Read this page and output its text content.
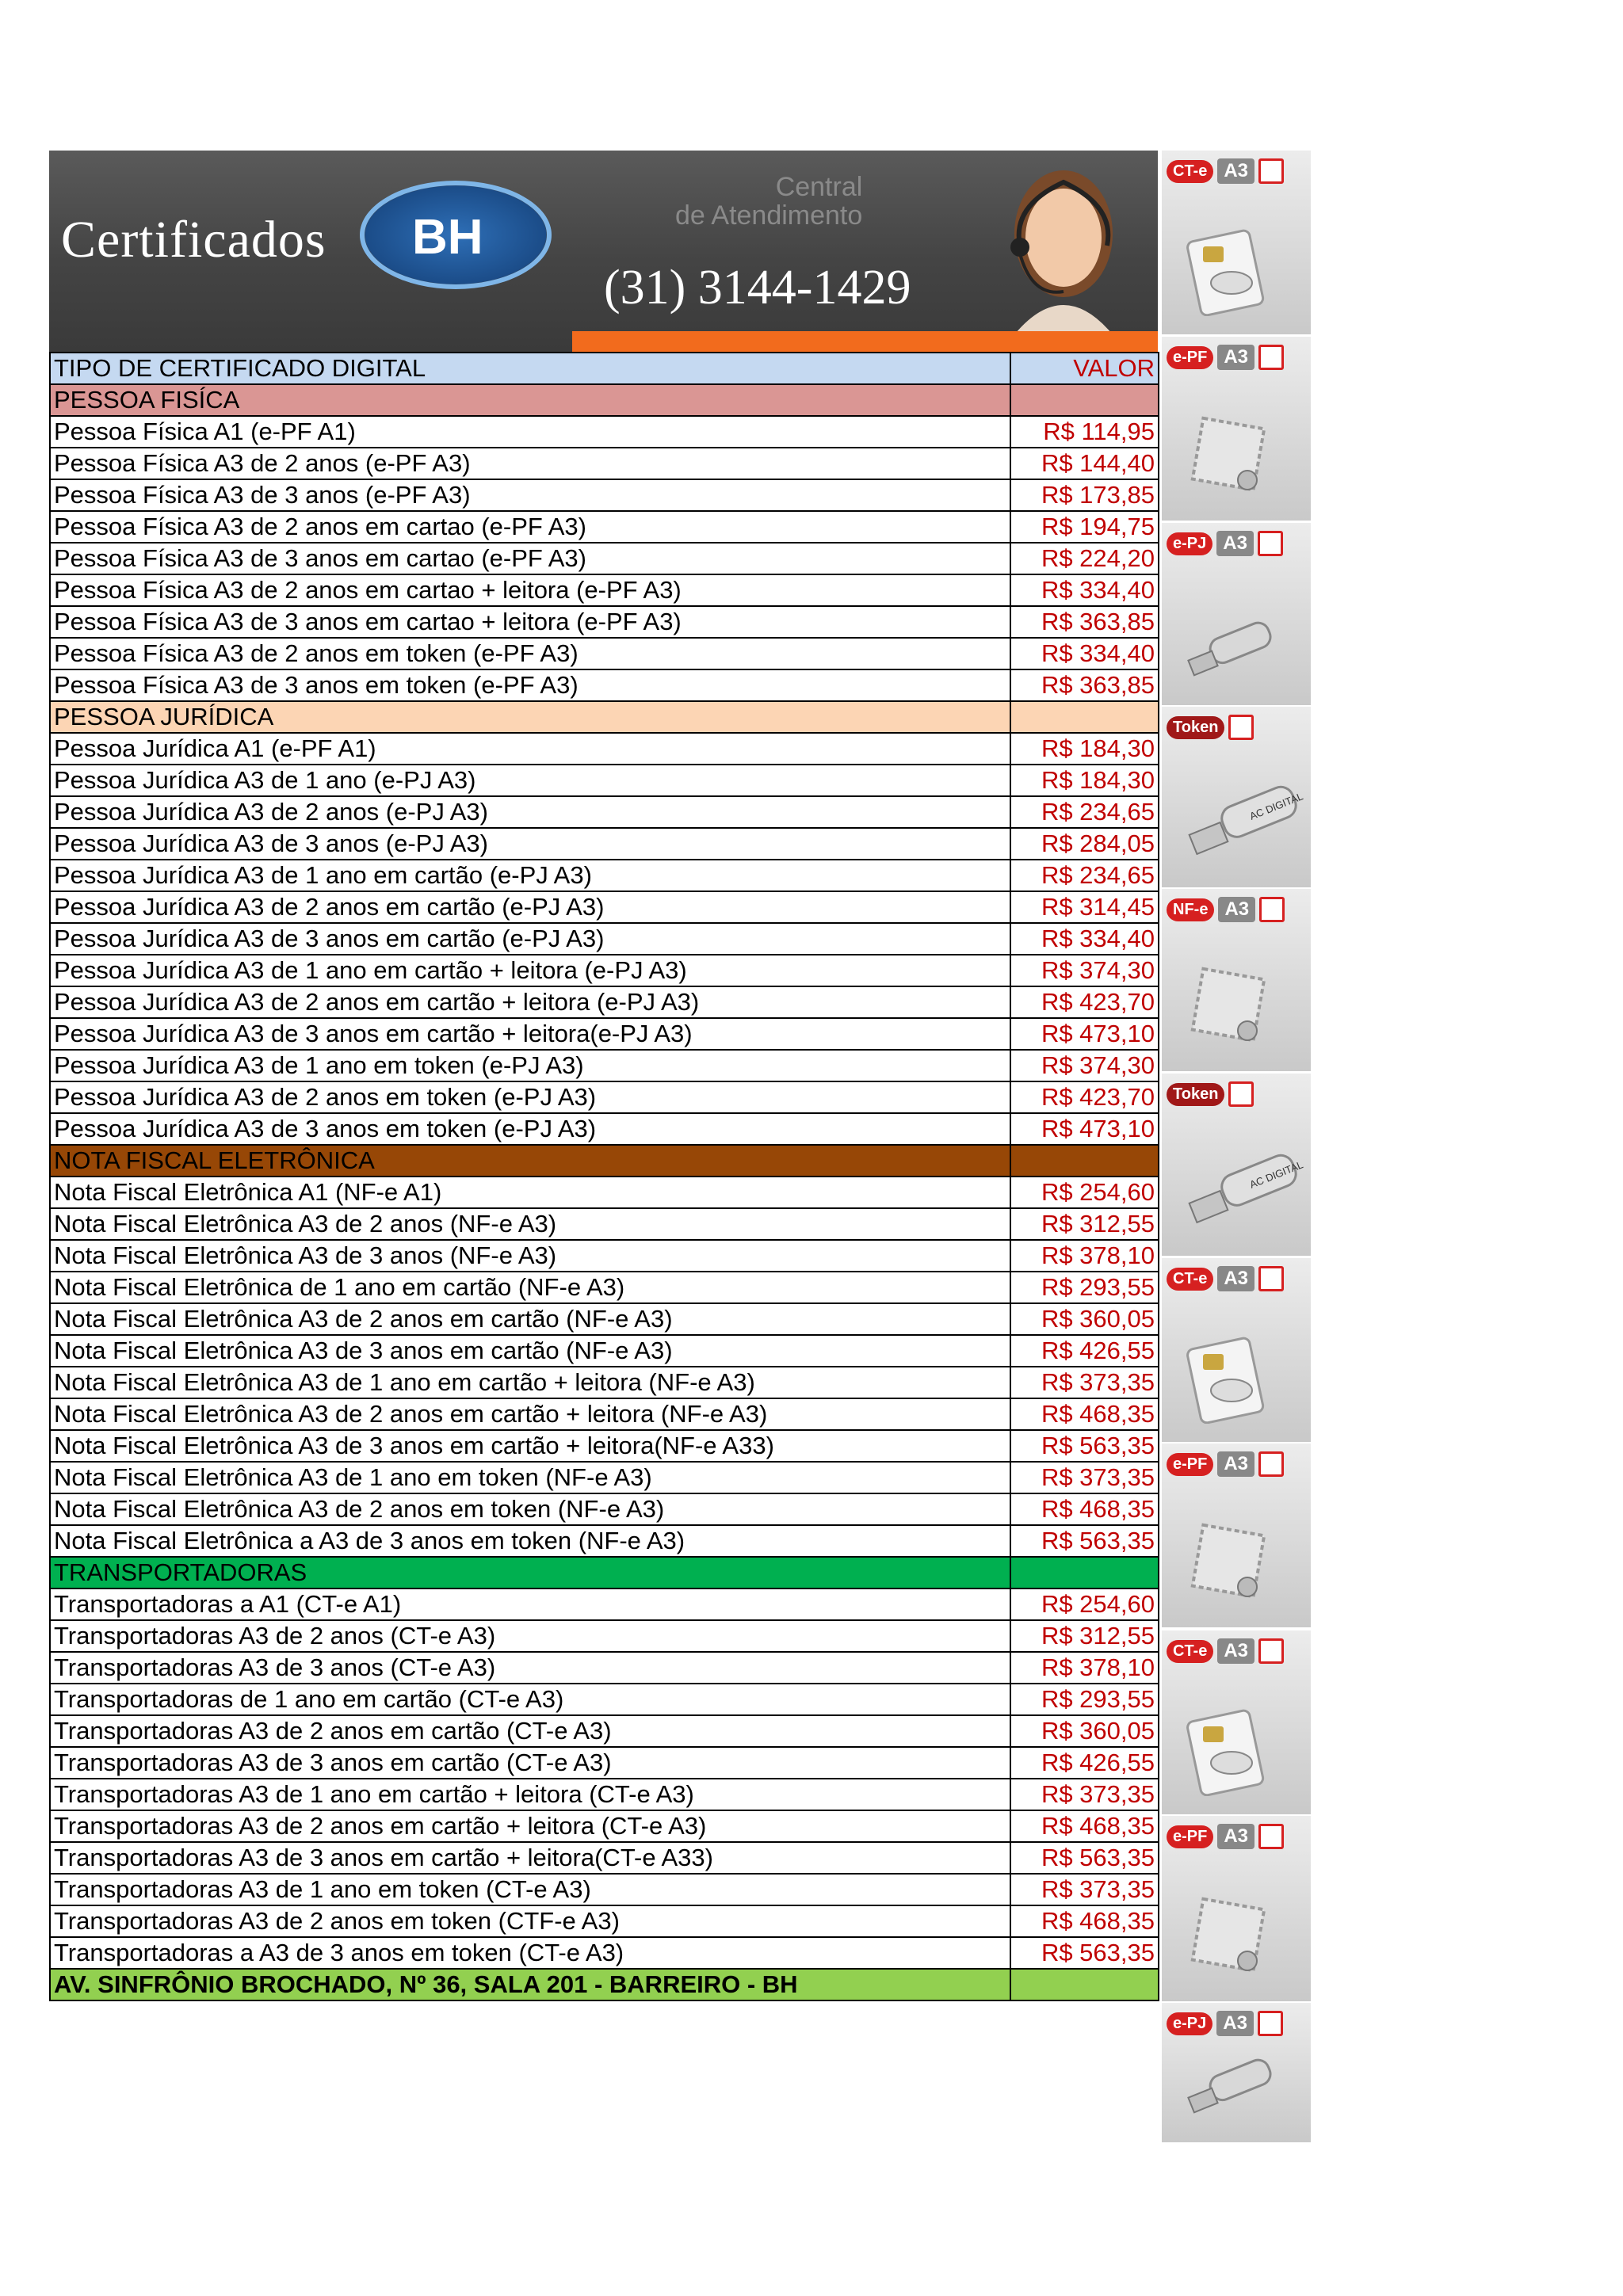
Certificados BH
Central
de Atendimento
(31) 3144-1429
TIPO DE CERTIFICADO DIGITAL	VALOR
PESSOA FISÍCA	
Pessoa Física A1 (e-PF A1)	R$ 114,95
Pessoa Física A3 de 2 anos (e-PF A3)	R$ 144,40
Pessoa Física A3 de 3 anos (e-PF A3)	R$ 173,85
Pessoa Física A3 de 2 anos em cartao (e-PF A3)	R$ 194,75
Pessoa Física A3 de 3 anos em cartao (e-PF A3)	R$ 224,20
Pessoa Física A3 de 2 anos em cartao + leitora (e-PF A3)	R$ 334,40
Pessoa Física A3 de 3 anos em cartao + leitora (e-PF A3)	R$ 363,85
Pessoa Física A3 de 2 anos em token (e-PF A3)	R$ 334,40
Pessoa Física A3 de 3 anos em token (e-PF A3)	R$ 363,85
PESSOA JURÍDICA	
Pessoa Jurídica A1 (e-PF A1)	R$ 184,30
Pessoa Jurídica A3 de 1 ano (e-PJ A3)	R$ 184,30
Pessoa Jurídica A3 de 2 anos (e-PJ A3)	R$ 234,65
Pessoa Jurídica A3 de 3 anos (e-PJ A3)	R$ 284,05
Pessoa Jurídica A3 de 1 ano em cartão (e-PJ A3)	R$ 234,65
Pessoa Jurídica A3 de 2 anos em cartão (e-PJ A3)	R$ 314,45
Pessoa Jurídica A3 de 3 anos em cartão (e-PJ A3)	R$ 334,40
Pessoa Jurídica A3 de 1 ano em cartão + leitora (e-PJ A3)	R$ 374,30
Pessoa Jurídica A3 de 2 anos em cartão + leitora (e-PJ A3)	R$ 423,70
Pessoa Jurídica A3 de 3 anos em cartão + leitora(e-PJ A3)	R$ 473,10
Pessoa Jurídica A3 de 1 ano em token (e-PJ A3)	R$ 374,30
Pessoa Jurídica A3 de 2 anos em token (e-PJ A3)	R$ 423,70
Pessoa Jurídica A3 de 3 anos em token (e-PJ A3)	R$ 473,10
NOTA FISCAL ELETRÔNICA	
Nota Fiscal Eletrônica A1 (NF-e A1)	R$ 254,60
Nota Fiscal Eletrônica A3 de 2 anos (NF-e A3)	R$ 312,55
Nota Fiscal Eletrônica A3 de 3 anos (NF-e A3)	R$ 378,10
Nota Fiscal Eletrônica de 1 ano em cartão (NF-e A3)	R$ 293,55
Nota Fiscal Eletrônica A3 de 2 anos em cartão (NF-e A3)	R$ 360,05
Nota Fiscal Eletrônica A3 de 3 anos em cartão (NF-e A3)	R$ 426,55
Nota Fiscal Eletrônica A3 de 1 ano em cartão + leitora (NF-e A3)	R$ 373,35
Nota Fiscal Eletrônica A3 de 2 anos em cartão + leitora (NF-e A3)	R$ 468,35
Nota Fiscal Eletrônica A3 de 3 anos em cartão + leitora(NF-e A33)	R$ 563,35
Nota Fiscal Eletrônica A3 de 1 ano em token (NF-e A3)	R$ 373,35
Nota Fiscal Eletrônica A3 de 2 anos em token (NF-e A3)	R$ 468,35
Nota Fiscal Eletrônica a A3 de 3 anos em token (NF-e A3)	R$ 563,35
TRANSPORTADORAS	
Transportadoras a A1 (CT-e A1)	R$ 254,60
Transportadoras A3 de 2 anos (CT-e A3)	R$ 312,55
Transportadoras A3 de 3 anos (CT-e A3)	R$ 378,10
Transportadoras de 1 ano em cartão (CT-e A3)	R$ 293,55
Transportadoras A3 de 2 anos em cartão (CT-e A3)	R$ 360,05
Transportadoras A3 de 3 anos em cartão (CT-e A3)	R$ 426,55
Transportadoras A3 de 1 ano em cartão + leitora (CT-e A3)	R$ 373,35
Transportadoras A3 de 2 anos em cartão + leitora (CT-e A3)	R$ 468,35
Transportadoras A3 de 3 anos em cartão + leitora(CT-e A33)	R$ 563,35
Transportadoras A3 de 1 ano em token (CT-e A3)	R$ 373,35
Transportadoras A3 de 2 anos em token (CTF-e A3)	R$ 468,35
Transportadoras a A3 de 3 anos em token (CT-e A3)	R$ 563,35
AV. SINFRÔNIO BROCHADO, Nº 36, SALA 201 - BARREIRO - BH	
CT-e A3
e-PF A3
e-PJ A3
Token
AC DIGITAL
NF-e A3
Token
AC DIGITAL
CT-e A3
e-PF A3
CT-e A3
e-PF A3
e-PJ A3
